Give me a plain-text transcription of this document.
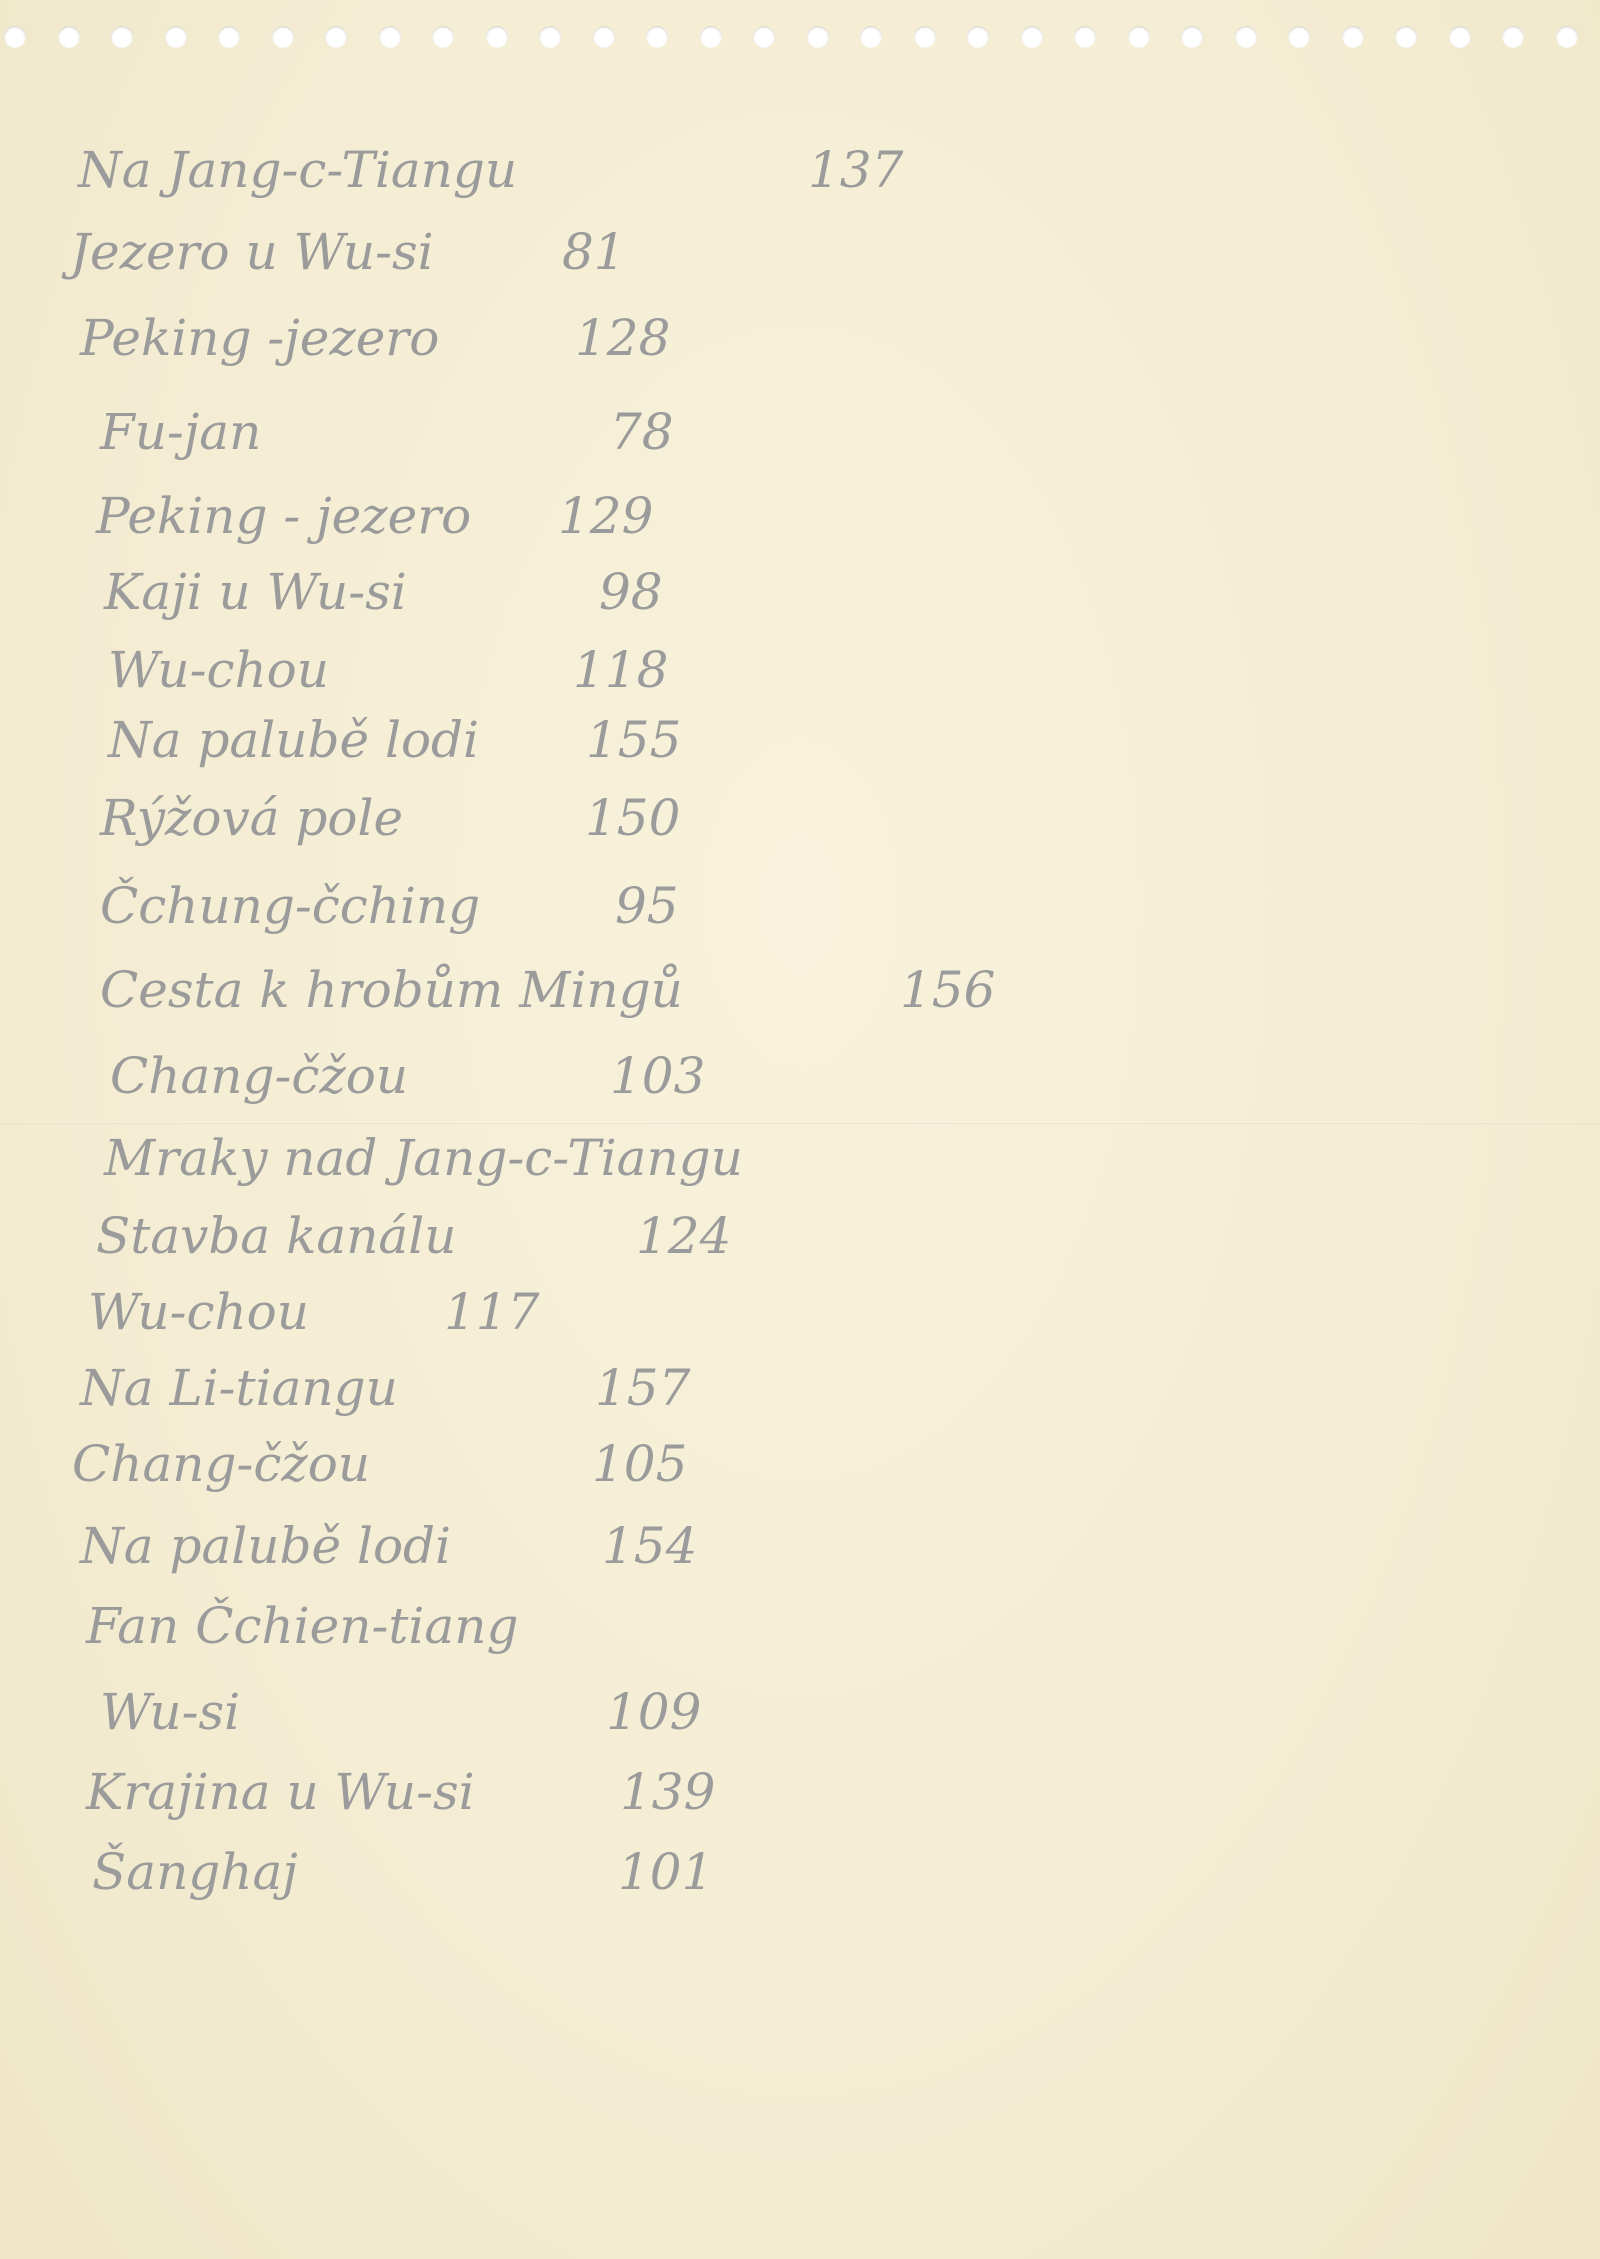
Na Jang-c-Tiangu	137
Jezero u Wu-si	81
Peking -jezero	128
Fu-jan	78
Peking - jezero 129
Kaji u Wu-si	98
Wu-chou	118
Na palubě lodi 155
Rýžová pole	150
Čchung-čching	95
Cesta k hrobům Mingů	156
Chang-čžou	103
Mraky nad Jang-c-Tiangu
Stavba kanálu	124
Wu-chou	117
Na Li-tiangu	157
Chang-čžou	105
Na palubě lodi	154
Fan Čchien-tiang
Wu-si	109
Krajina u Wu-si	139
Šanghaj	101
